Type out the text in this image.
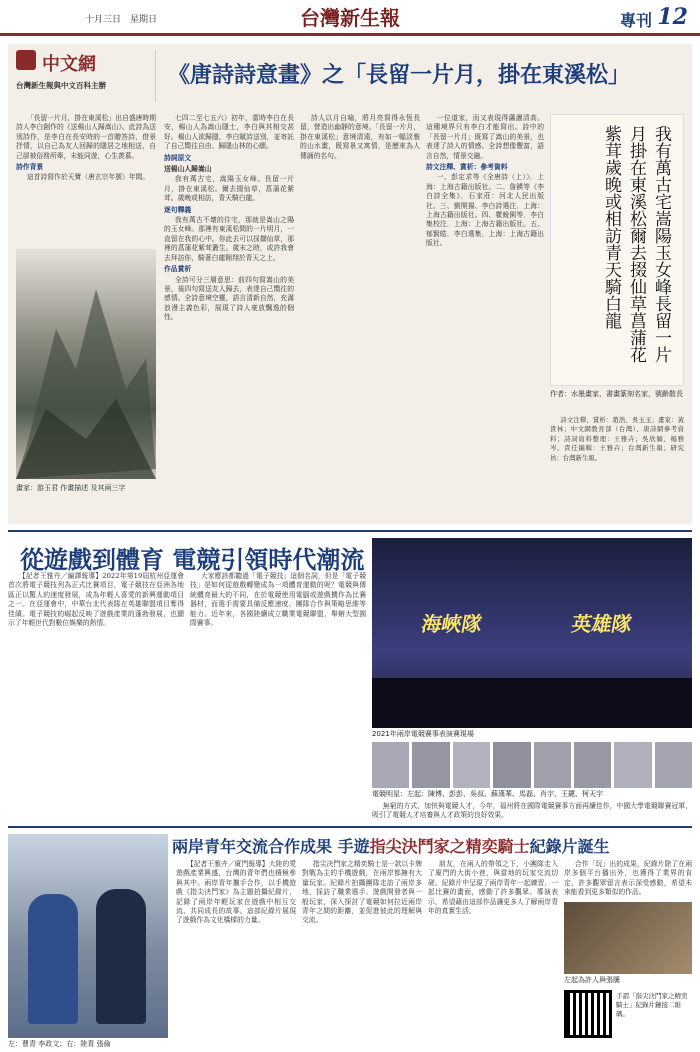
十月三日　星期日	台灣新生報	專刊 12
中文網
台灣新生報與中文百科主辦	《唐詩詩意畫》之「長留一片月，掛在東溪松」

「長留一片月，掛在東溪松」出自盛唐時期詩人李白創作的《送楊山人歸嵩山》。此詩為送別詩作，是李白在長安時的一首贈答詩，借景抒情，以自己為友人回歸的隱居之地相送，自己卻被俗務所牽，未能同遊，心生羨慕。

詩作背景

這首詩寫作於天寶（唐玄宗年號）年間。

畫家：游玉君 作畫描述 及其兩三字

七四二至七五六）初年，當時李白在長安，楊山人為嵩山隱士，李白與其相交甚好。楊山人欲歸隱，李白賦詩送別，並寄託了自己嚮往自由、歸隱山林的心願。

詩詞原文

送楊山人歸嵩山

我有萬古宅，嵩陽玉女峰。長留一片月，掛在東溪松。爾去掇仙草，菖蒲花紫茸。歲晚或相訪，青天騎白龍。

逐句釋義

我有萬古不壞的住宅，那就是嵩山之陽的玉女峰。那裡有東溪松間的一片明月，一直留在我的心中。你此去可以採擷仙草，那裡的菖蒲花紫茸叢生。歲末之時，或許我會去拜訪你，騎著白龍翱翔於青天之上。

作品賞析

全詩可分三層意思：前四句寫嵩山的美景，後四句寫送友人歸去，表達自己嚮往的感情。全詩意境空靈，語言清新自然，充滿浪漫主義色彩，展現了詩人豪放飄逸的個性。

詩人以月自喻，將月亮寫得永恆長留，營造出幽靜的意境。「長留一片月，掛在東溪松」意境清遠，有如一幅淡雅的山水畫，既寫景又寓情，是歷來為人傳誦的名句。

一位道家，而又表現得瀟灑清高。這種境界只有李白才能寫出。詩中的「長留一片月」既寫了嵩山的美景，也表達了詩人的情感。全詩想像豐富，語言自然，情景交融。

詩文注釋、賞析：參考資料

一、彭定求等《全唐詩（上）》．上海：上海古籍出版社。二、詹鍈等《李白詩全集》．石家莊：河北人民出版社。三、劉開揚、李白詩選注．上海：上海古籍出版社。四、瞿蛻園等．李白集校注．上海：上海古籍出版社。五、郁賢皓．李白選集．上海：上海古籍出版社。	我有萬古宅嵩陽玉女峰長留一片月掛在東溪松爾去掇仙草菖蒲花紫茸歲晚或相訪青天騎白龍
作者：水墨畫家、書畫篆刻名家，號齡散長

詩文注釋、賞析：趙浩、吳玉玉；畫家：黃貴林；中文網教育部（台灣）、唐詩網參考資料；詩詞資料整理：王雅卉；吳欣穎、楊雅岑。責任編輯：王雅卉；台灣新生報；研究員：台灣新生報。

從遊戲到體育 電競引領時代潮流
海峽隊	英雄隊
2021年兩岸電競賽事表演賽現場
電競明星：左起：陳博、彭彭、吳叔、蘇漢華、馬磊、肖宇、王鍵、柯天宇

【記者王雅卉／編譯報導】2022年第19屆杭州亞運會首次將電子競技列為正式比賽項目，電子競技在亞洲各地區正以驚人的速度發展，成為年輕人喜愛的新興運動項目之一。在亞運會中，中華台北代表隊在英雄聯盟項目奪得佳績。電子競技的崛起反映了遊戲產業的蓬勃發展，也顯示了年輕世代對數位娛樂的熱情。

大家應該都聽過「電子競技」這個名詞，但是「電子競技」是如何從遊戲轉變成為一項體育運動的呢？電競與傳統體育最大的不同，在於電競使用電腦或遊戲機作為比賽器材，而選手需要具備反應速度、團隊合作與策略思維等能力。近年來，各國陸續成立職業電競聯盟，舉辦大型國際賽事。

無窮的方式，加快與電競人才，今年，福州將在國際電競賽事方面再續佳作，中國大學電競聯賽冠軍，吸引了電競人才培養與人才政策的良好效果。

兩岸青年交流合作成果 手遊指尖決鬥家之精奕騎士紀錄片誕生
左：曹青 李政文；右：陸青 張倫

【記者王雅卉／廈門報導】大陸的愛遊戲產業興盛，台灣的青年們也積極參與其中。兩岸青年攜手合作，以手機遊戲《指尖決鬥家》為主題拍攝紀錄片，記錄了兩岸年輕玩家在遊戲中相互交流、共同成長的故事。這部紀錄片展現了遊戲作為文化橋樑的力量。

指尖決鬥家之精奕騎士是一款以卡牌對戰為主的手機遊戲，在兩岸都擁有大量玩家。紀錄片拍攝團隊走訪了兩岸多地，採訪了職業選手、遊戲開發者與一般玩家，深入探討了電競如何拉近兩岸青年之間的距離，並促進彼此的理解與交流。

朋友，在兩人的帶領之下，小團隊走入了廈門的大街小巷，與當地的玩家交流切磋。紀錄片中呈現了兩岸青年一起練習、一起比賽的畫面，感動了許多觀眾。導演表示，希望藉由這部作品讓更多人了解兩岸青年的真實生活。

合作「玩」出的成果，紀錄片除了在兩岸多個平台播出外，也獲得了業界的肯定，許多觀眾留言表示深受感動，希望未來能看到更多類似的作品。

左起為許人與張騰
手謂「指尖決鬥家之精奕騎士」紀錄片鏈接二維碼。
